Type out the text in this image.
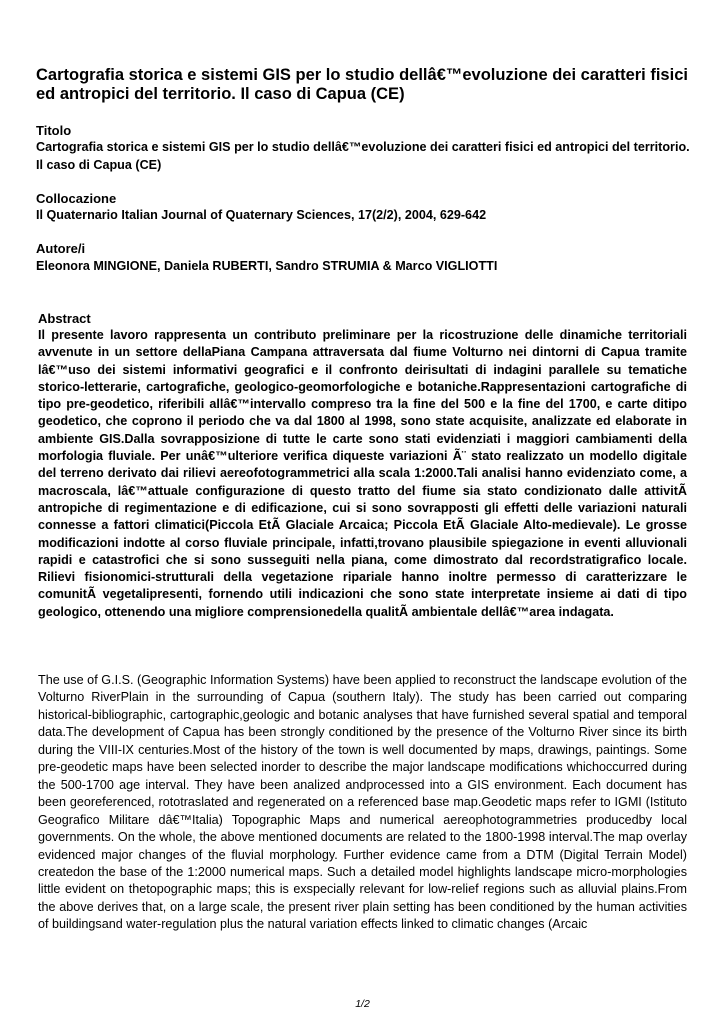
Cartografia storica e sistemi GIS per lo studio dellâ€™evoluzione dei caratteri fisici ed antropici del territorio. Il caso di Capua (CE)
Titolo
Cartografia storica e sistemi GIS per lo studio dellâ€™evoluzione dei caratteri fisici ed antropici del territorio. Il caso di Capua (CE)
Collocazione
Il Quaternario Italian Journal of Quaternary Sciences, 17(2/2), 2004, 629-642
Autore/i
Eleonora MINGIONE, Daniela RUBERTI, Sandro STRUMIA & Marco VIGLIOTTI
Abstract

Il presente lavoro rappresenta un contributo preliminare per la ricostruzione delle dinamiche territoriali avvenute in un settore dellaPiana Campana attraversata dal fiume Volturno nei dintorni di Capua tramite lâ€™uso dei sistemi informativi geografici e il confronto deirisultati di indagini parallele su tematiche storico-letterarie, cartografiche, geologico-geomorfologiche e botaniche.Rappresentazioni cartografiche di tipo pre-geodetico, riferibili allâ€™intervallo compreso tra la fine del 500 e la fine del 1700, e carte ditipo geodetico, che coprono il periodo che va dal 1800 al 1998, sono state acquisite, analizzate ed elaborate in ambiente GIS.Dalla sovrapposizione di tutte le carte sono stati evidenziati i maggiori cambiamenti della morfologia fluviale. Per unâ€™ulteriore verifica diqueste variazioni Ã¨ stato realizzato un modello digitale del terreno derivato dai rilievi aereofotogrammetrici alla scala 1:2000.Tali analisi hanno evidenziato come, a macroscala, lâ€™attuale configurazione di questo tratto del fiume sia stato condizionato dalle attivitÃ antropiche di regimentazione e di edificazione, cui si sono sovrapposti gli effetti delle variazioni naturali connesse a fattori climatici(Piccola EtÃ Glaciale Arcaica; Piccola EtÃ Glaciale Alto-medievale). Le grosse modificazioni indotte al corso fluviale principale, infatti,trovano plausibile spiegazione in eventi alluvionali rapidi e catastrofici che si sono susseguiti nella piana, come dimostrato dal recordstratigrafico locale. Rilievi fisionomici-strutturali della vegetazione ripariale hanno inoltre permesso di caratterizzare le comunitÃ vegetalipresenti, fornendo utili indicazioni che sono state interpretate insieme ai dati di tipo geologico, ottenendo una migliore comprensionedella qualitÃ ambientale dellâ€™area indagata.

The use of G.I.S. (Geographic Information Systems) have been applied to reconstruct the landscape evolution of the Volturno RiverPlain in the surrounding of Capua (southern Italy). The study has been carried out comparing historical-bibliographic, cartographic,geologic and botanic analyses that have furnished several spatial and temporal data.The development of Capua has been strongly conditioned by the presence of the Volturno River since its birth during the VIII-IX centuries.Most of the history of the town is well documented by maps, drawings, paintings. Some pre-geodetic maps have been selected inorder to describe the major landscape modifications whichoccurred during the 500-1700 age interval. They have been analized andprocessed into a GIS environment. Each document has been georeferenced, rototraslated and regenerated on a referenced base map.Geodetic maps refer to IGMI (Istituto Geografico Militare dâ€™Italia) Topographic Maps and numerical aereophotogrammetries producedby local governments. On the whole, the above mentioned documents are related to the 1800-1998 interval.The map overlay evidenced major changes of the fluvial morphology. Further evidence came from a DTM (Digital Terrain Model) createdon the base of the 1:2000 numerical maps. Such a detailed model highlights landscape micro-morphologies little evident on thetopographic maps; this is exspecially relevant for low-relief regions such as alluvial plains.From the above derives that, on a large scale, the present river plain setting has been conditioned by the human activities of buildingsand water-regulation plus the natural variation effects linked to climatic changes (Arcaic

1/2
